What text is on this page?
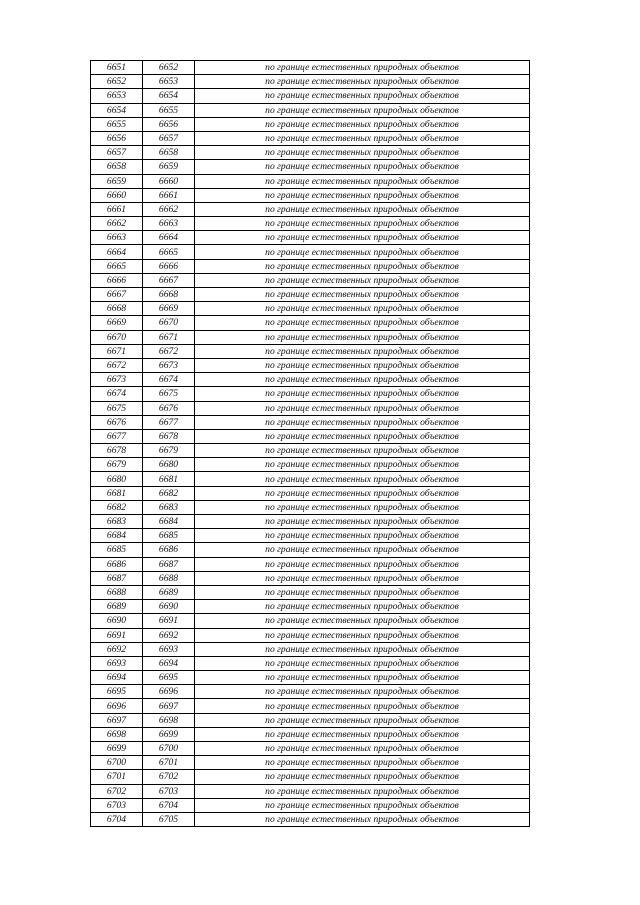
6651	6652	по границе естественных природных объектов
6652	6653	по границе естественных природных объектов
6653	6654	по границе естественных природных объектов
6654	6655	по границе естественных природных объектов
6655	6656	по границе естественных природных объектов
6656	6657	по границе естественных природных объектов
6657	6658	по границе естественных природных объектов
6658	6659	по границе естественных природных объектов
6659	6660	по границе естественных природных объектов
6660	6661	по границе естественных природных объектов
6661	6662	по границе естественных природных объектов
6662	6663	по границе естественных природных объектов
6663	6664	по границе естественных природных объектов
6664	6665	по границе естественных природных объектов
6665	6666	по границе естественных природных объектов
6666	6667	по границе естественных природных объектов
6667	6668	по границе естественных природных объектов
6668	6669	по границе естественных природных объектов
6669	6670	по границе естественных природных объектов
6670	6671	по границе естественных природных объектов
6671	6672	по границе естественных природных объектов
6672	6673	по границе естественных природных объектов
6673	6674	по границе естественных природных объектов
6674	6675	по границе естественных природных объектов
6675	6676	по границе естественных природных объектов
6676	6677	по границе естественных природных объектов
6677	6678	по границе естественных природных объектов
6678	6679	по границе естественных природных объектов
6679	6680	по границе естественных природных объектов
6680	6681	по границе естественных природных объектов
6681	6682	по границе естественных природных объектов
6682	6683	по границе естественных природных объектов
6683	6684	по границе естественных природных объектов
6684	6685	по границе естественных природных объектов
6685	6686	по границе естественных природных объектов
6686	6687	по границе естественных природных объектов
6687	6688	по границе естественных природных объектов
6688	6689	по границе естественных природных объектов
6689	6690	по границе естественных природных объектов
6690	6691	по границе естественных природных объектов
6691	6692	по границе естественных природных объектов
6692	6693	по границе естественных природных объектов
6693	6694	по границе естественных природных объектов
6694	6695	по границе естественных природных объектов
6695	6696	по границе естественных природных объектов
6696	6697	по границе естественных природных объектов
6697	6698	по границе естественных природных объектов
6698	6699	по границе естественных природных объектов
6699	6700	по границе естественных природных объектов
6700	6701	по границе естественных природных объектов
6701	6702	по границе естественных природных объектов
6702	6703	по границе естественных природных объектов
6703	6704	по границе естественных природных объектов
6704	6705	по границе естественных природных объектов
